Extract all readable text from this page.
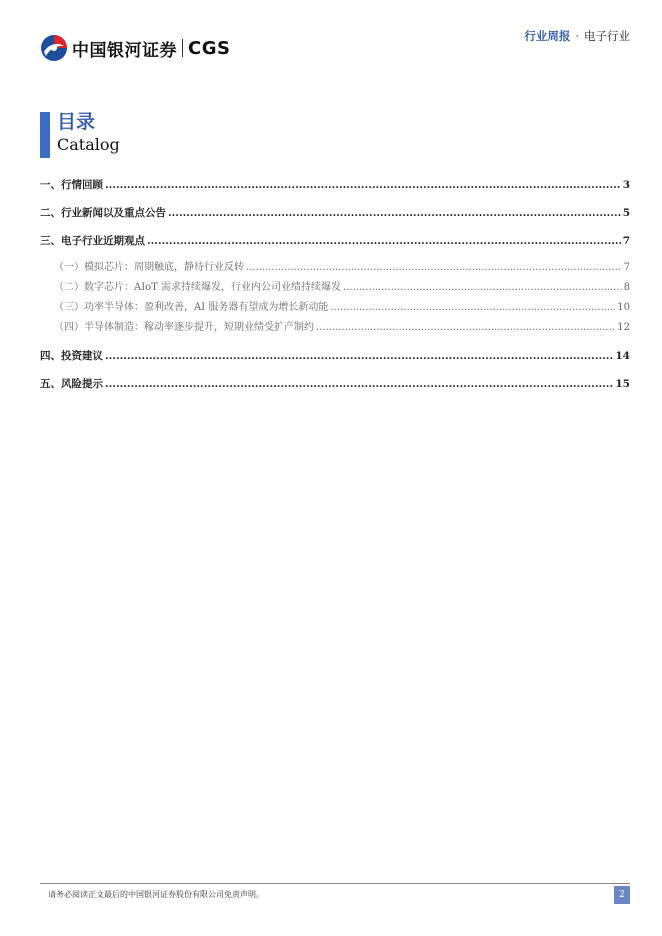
中国银河证券 CGS
行业周报 · 电子行业
目录
Catalog
一、 行情回顾 .....	3
二、 行业新闻以及重点公告 .....	5
三、 电子行业近期观点 .....	7
（一） 模拟芯片：周期触底，静待行业反转 .....	7
（二） 数字芯片：AIoT 需求持续爆发，行业内公司业绩持续爆发 .....	8
（三） 功率半导体：盈利改善，AI 服务器有望成为增长新动能 .....	10
（四） 半导体制造：稼动率逐步提升，短期业绩受扩产制约 .....	12
四、 投资建议 .....	14
五、 风险提示 .....	15
请务必阅读正文最后的中国银河证券股份有限公司免责声明。	2
